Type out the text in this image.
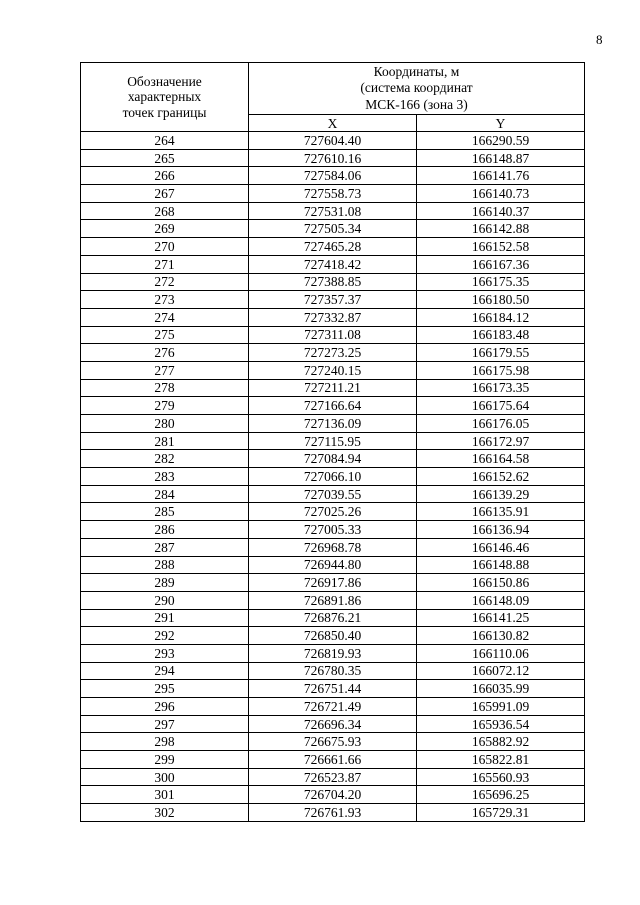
8
Обозначение
характерных
точек границы	Координаты, м
(система координат
МСК-166 (зона 3)	

	X	Y
264	727604.40	166290.59
265	727610.16	166148.87
266	727584.06	166141.76
267	727558.73	166140.73
268	727531.08	166140.37
269	727505.34	166142.88
270	727465.28	166152.58
271	727418.42	166167.36
272	727388.85	166175.35
273	727357.37	166180.50
274	727332.87	166184.12
275	727311.08	166183.48
276	727273.25	166179.55
277	727240.15	166175.98
278	727211.21	166173.35
279	727166.64	166175.64
280	727136.09	166176.05
281	727115.95	166172.97
282	727084.94	166164.58
283	727066.10	166152.62
284	727039.55	166139.29
285	727025.26	166135.91
286	727005.33	166136.94
287	726968.78	166146.46
288	726944.80	166148.88
289	726917.86	166150.86
290	726891.86	166148.09
291	726876.21	166141.25
292	726850.40	166130.82
293	726819.93	166110.06
294	726780.35	166072.12
295	726751.44	166035.99
296	726721.49	165991.09
297	726696.34	165936.54
298	726675.93	165882.92
299	726661.66	165822.81
300	726523.87	165560.93
301	726704.20	165696.25
302	726761.93	165729.31
